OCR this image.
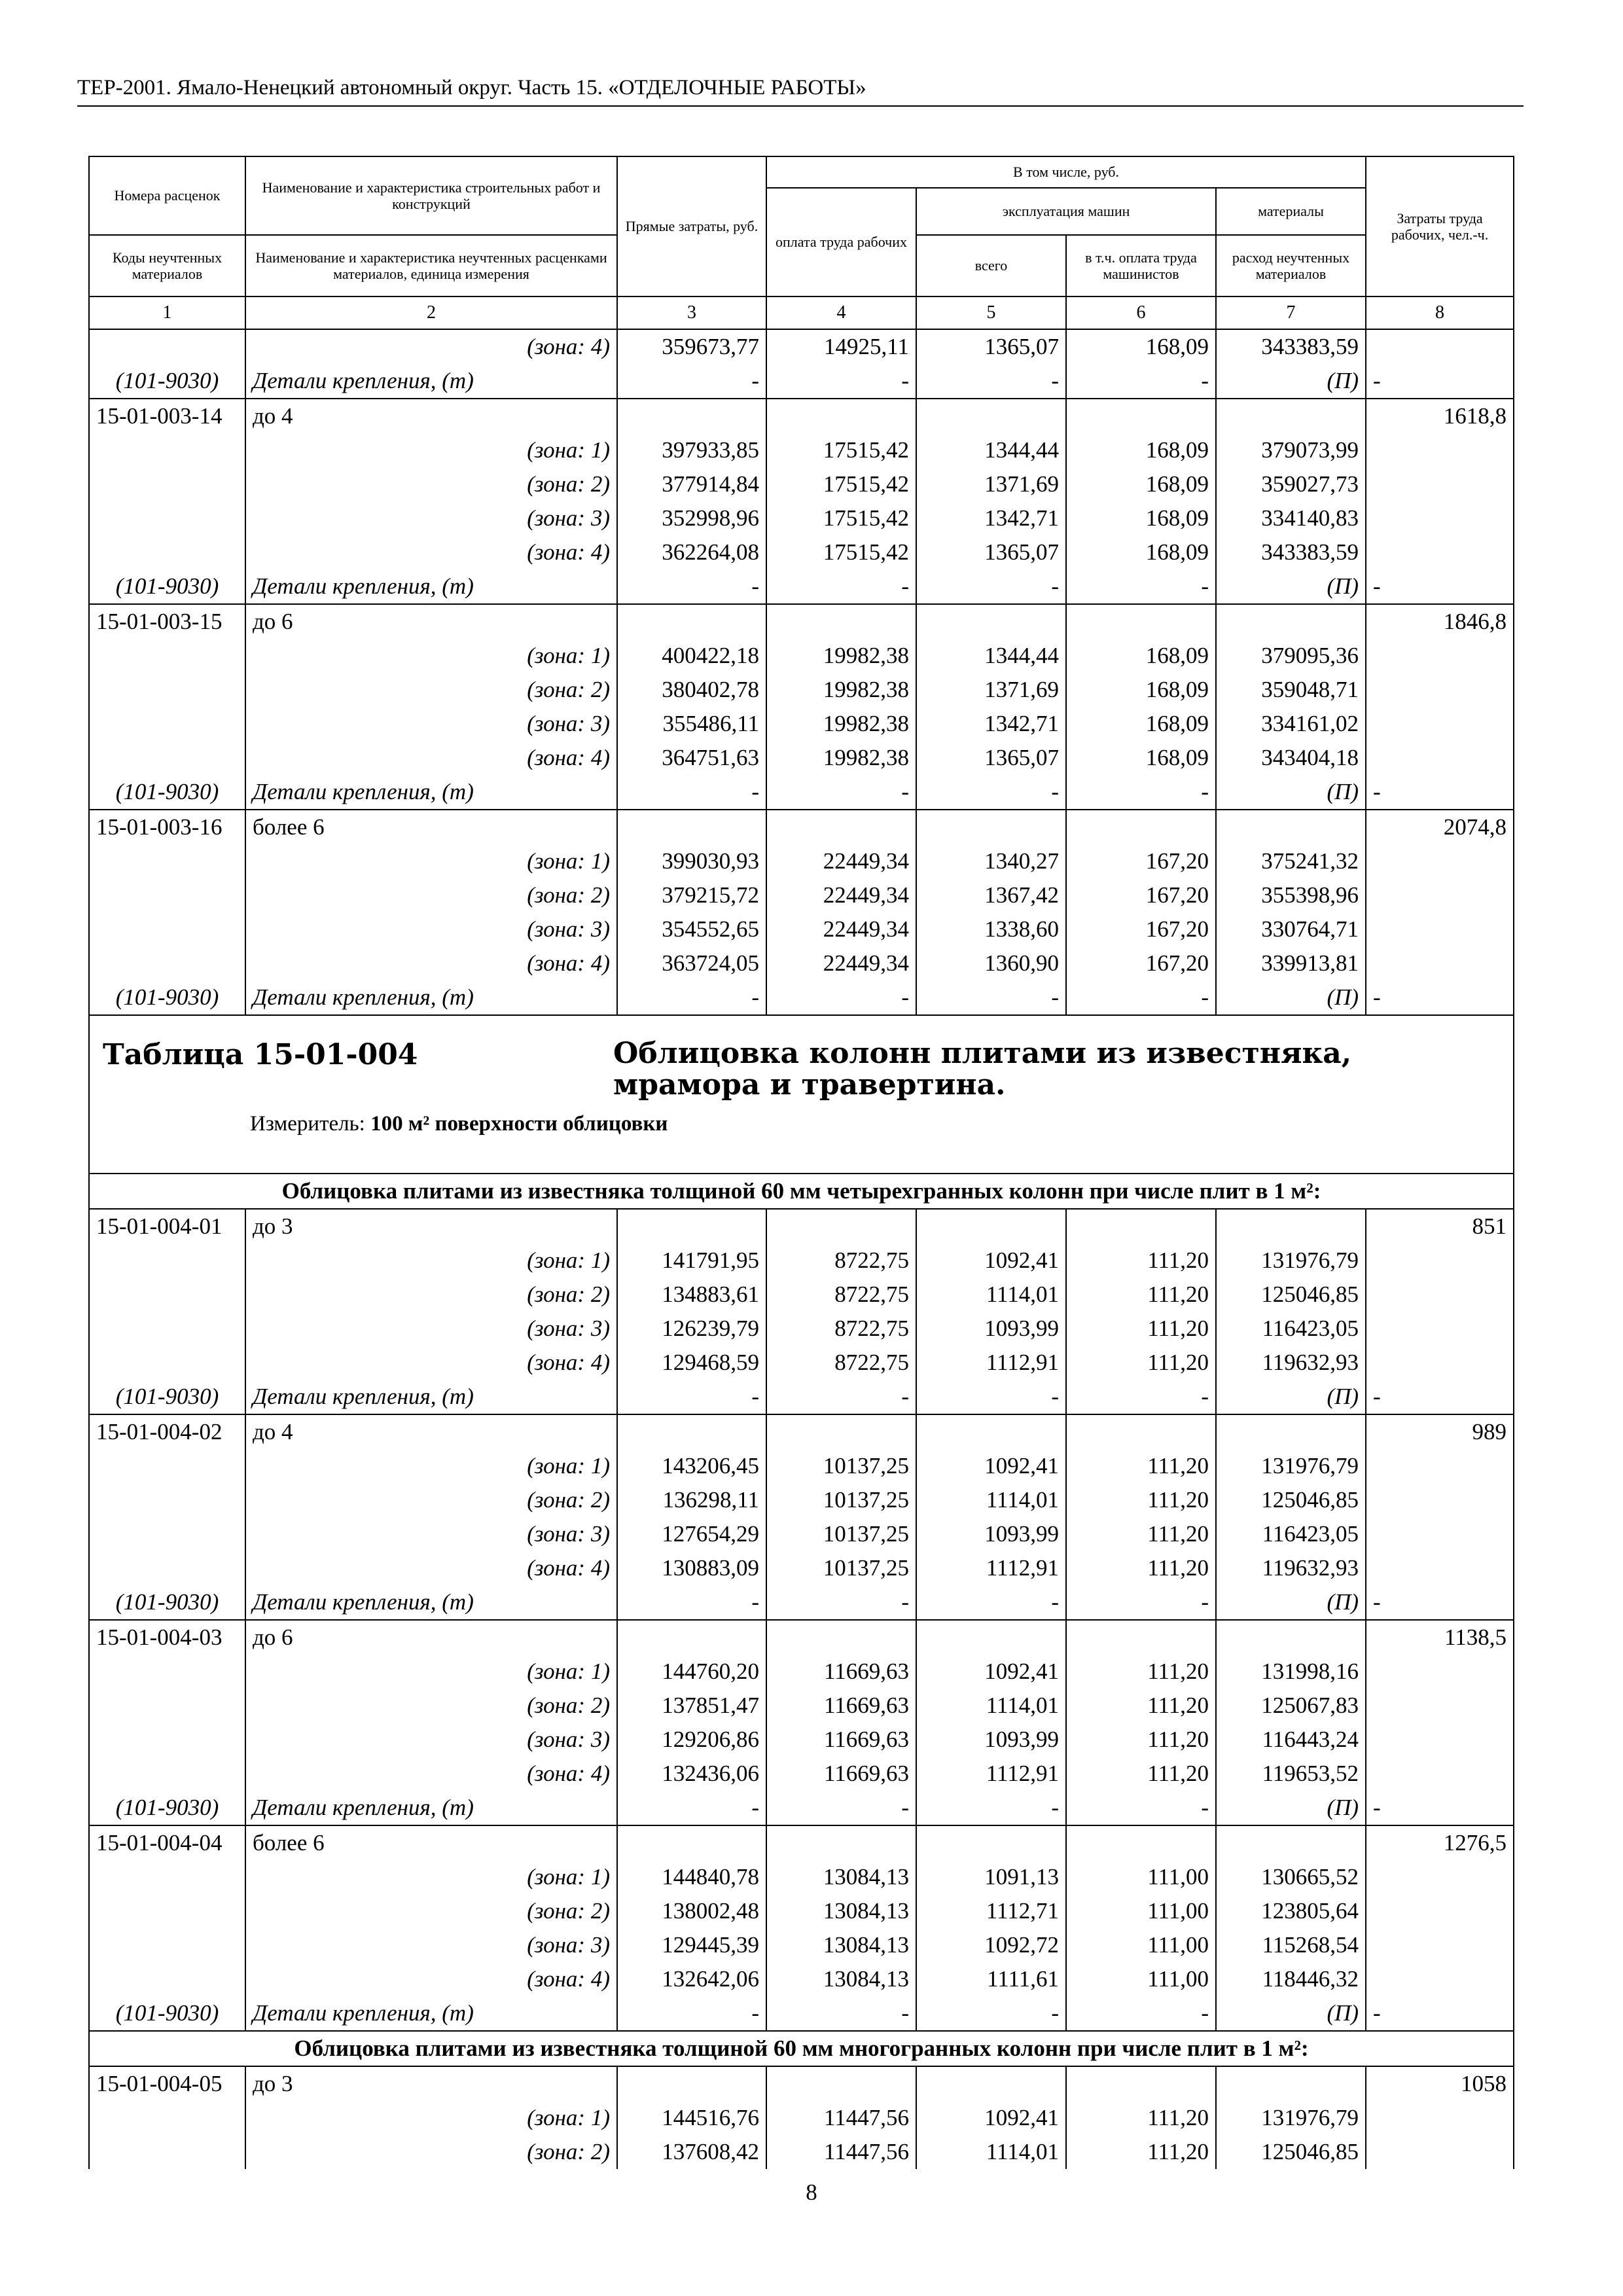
ТЕР-2001. Ямало-Ненецкий автономный округ. Часть 15. «ОТДЕЛОЧНЫЕ РАБОТЫ»
Номера расценок	Наименование и характеристика строительных работ и конструкций	Прямые затраты, руб.	В том числе, руб.				Затраты труда рабочих, чел.-ч.
			оплата труда рабочих	эксплуатация машин		материалы	
Коды неучтенных материалов	Наименование и характеристика неучтенных расценками материалов, единица измерения			всего	в т.ч. оплата труда машинистов	расход неучтенных материалов	
1	2	3	4	5	6	7	8
	(зона: 4)	359673,77	14925,11	1365,07	168,09	343383,59	
(101-9030)	Детали крепления, (т)	-	-	-	-	(П)	-
15-01-003-14	до 4						1618,8
	(зона: 1)	397933,85	17515,42	1344,44	168,09	379073,99	
	(зона: 2)	377914,84	17515,42	1371,69	168,09	359027,73	
	(зона: 3)	352998,96	17515,42	1342,71	168,09	334140,83	
	(зона: 4)	362264,08	17515,42	1365,07	168,09	343383,59	
(101-9030)	Детали крепления, (т)	-	-	-	-	(П)	-
15-01-003-15	до 6						1846,8
	(зона: 1)	400422,18	19982,38	1344,44	168,09	379095,36	
	(зона: 2)	380402,78	19982,38	1371,69	168,09	359048,71	
	(зона: 3)	355486,11	19982,38	1342,71	168,09	334161,02	
	(зона: 4)	364751,63	19982,38	1365,07	168,09	343404,18	
(101-9030)	Детали крепления, (т)	-	-	-	-	(П)	-
15-01-003-16	более 6						2074,8
	(зона: 1)	399030,93	22449,34	1340,27	167,20	375241,32	
	(зона: 2)	379215,72	22449,34	1367,42	167,20	355398,96	
	(зона: 3)	354552,65	22449,34	1338,60	167,20	330764,71	
	(зона: 4)	363724,05	22449,34	1360,90	167,20	339913,81	
(101-9030)	Детали крепления, (т)	-	-	-	-	(П)	-

Таблица 15-01-004 Облицовка колонн плитами из известняка, мрамора и травертина.
Измеритель: 100 м² поверхности облицовки							

Облицовка плитами из известняка толщиной 60 мм четырехгранных колонн при числе плит в 1 м²:							
15-01-004-01	до 3						851
	(зона: 1)	141791,95	8722,75	1092,41	111,20	131976,79	
	(зона: 2)	134883,61	8722,75	1114,01	111,20	125046,85	
	(зона: 3)	126239,79	8722,75	1093,99	111,20	116423,05	
	(зона: 4)	129468,59	8722,75	1112,91	111,20	119632,93	
(101-9030)	Детали крепления, (т)	-	-	-	-	(П)	-
15-01-004-02	до 4						989
	(зона: 1)	143206,45	10137,25	1092,41	111,20	131976,79	
	(зона: 2)	136298,11	10137,25	1114,01	111,20	125046,85	
	(зона: 3)	127654,29	10137,25	1093,99	111,20	116423,05	
	(зона: 4)	130883,09	10137,25	1112,91	111,20	119632,93	
(101-9030)	Детали крепления, (т)	-	-	-	-	(П)	-
15-01-004-03	до 6						1138,5
	(зона: 1)	144760,20	11669,63	1092,41	111,20	131998,16	
	(зона: 2)	137851,47	11669,63	1114,01	111,20	125067,83	
	(зона: 3)	129206,86	11669,63	1093,99	111,20	116443,24	
	(зона: 4)	132436,06	11669,63	1112,91	111,20	119653,52	
(101-9030)	Детали крепления, (т)	-	-	-	-	(П)	-
15-01-004-04	более 6						1276,5
	(зона: 1)	144840,78	13084,13	1091,13	111,00	130665,52	
	(зона: 2)	138002,48	13084,13	1112,71	111,00	123805,64	
	(зона: 3)	129445,39	13084,13	1092,72	111,00	115268,54	
	(зона: 4)	132642,06	13084,13	1111,61	111,00	118446,32	
(101-9030)	Детали крепления, (т)	-	-	-	-	(П)	-
Облицовка плитами из известняка толщиной 60 мм многогранных колонн при числе плит в 1 м²:							
15-01-004-05	до 3						1058
	(зона: 1)	144516,76	11447,56	1092,41	111,20	131976,79	
	(зона: 2)	137608,42	11447,56	1114,01	111,20	125046,85	
8
